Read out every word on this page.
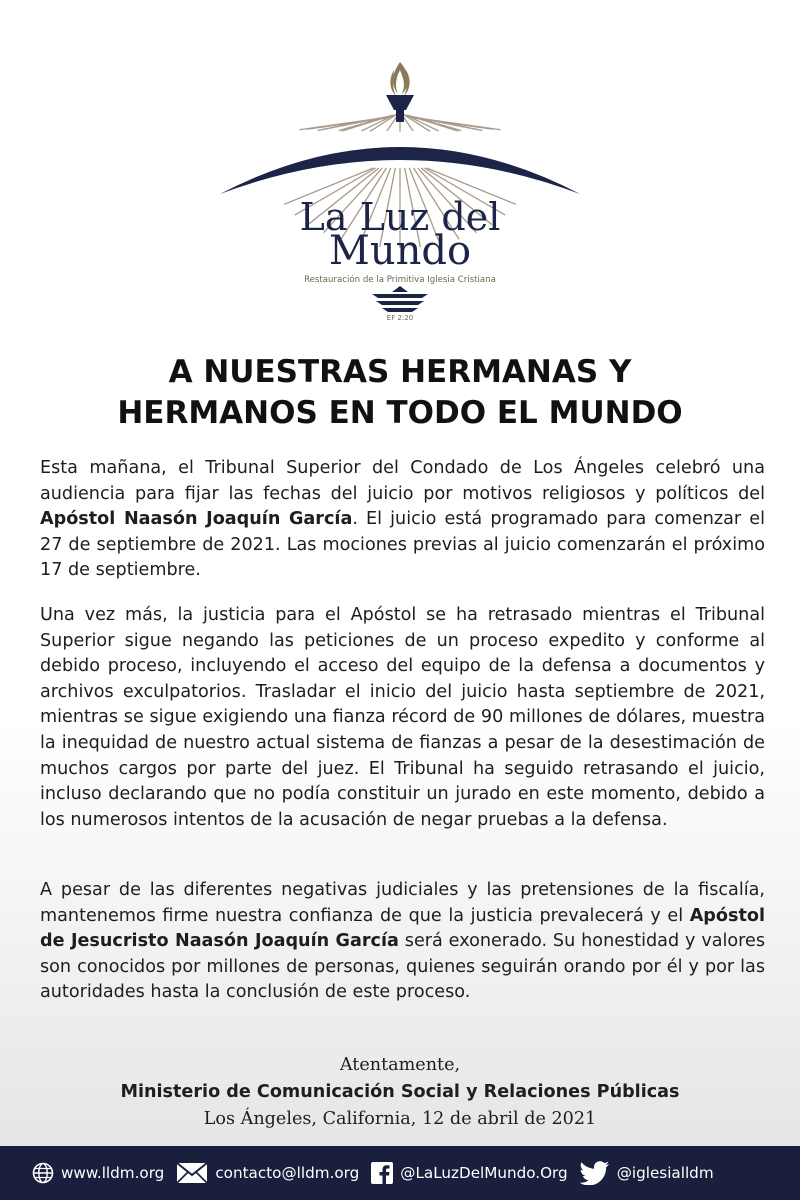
La Luz del
Mundo
Restauración de la Primitiva Iglesia Cristiana
EF 2:20
A NUESTRAS HERMANAS Y
HERMANOS EN TODO EL MUNDO

Esta mañana, el Tribunal Superior del Condado de Los Ángeles celebró una audiencia para fijar las fechas del juicio por motivos religiosos y políticos del Apóstol Naasón Joaquín García. El juicio está programado para comenzar el 27 de septiembre de 2021. Las mociones previas al juicio comenzarán el próximo 17 de septiembre.

Una vez más, la justicia para el Apóstol se ha retrasado mientras el Tribunal Superior sigue negando las peticiones de un proceso expedito y conforme al debido proceso, incluyendo el acceso del equipo de la defensa a documentos y archivos exculpatorios. Trasladar el inicio del juicio hasta septiembre de 2021, mientras se sigue exigiendo una fianza récord de 90 millones de dólares, muestra la inequidad de nuestro actual sistema de fianzas a pesar de la desestimación de muchos cargos por parte del juez. El Tribunal ha seguido retrasando el juicio, incluso declarando que no podía constituir un jurado en este momento, debido a los numerosos intentos de la acusación de negar pruebas a la defensa.

A pesar de las diferentes negativas judiciales y las pretensiones de la fiscalía, mantenemos firme nuestra confianza de que la justicia prevalecerá y el Apóstol de Jesucristo Naasón Joaquín García será exonerado. Su honestidad y valores son conocidos por millones de personas, quienes seguirán orando por él y por las autoridades hasta la conclusión de este proceso.

Atentamente,
Ministerio de Comunicación Social y Relaciones Públicas
Los Ángeles, California, 12 de abril de 2021
www.lldm.org	contacto@lldm.org	@LaLuzDelMundo.Org	@iglesialldm
